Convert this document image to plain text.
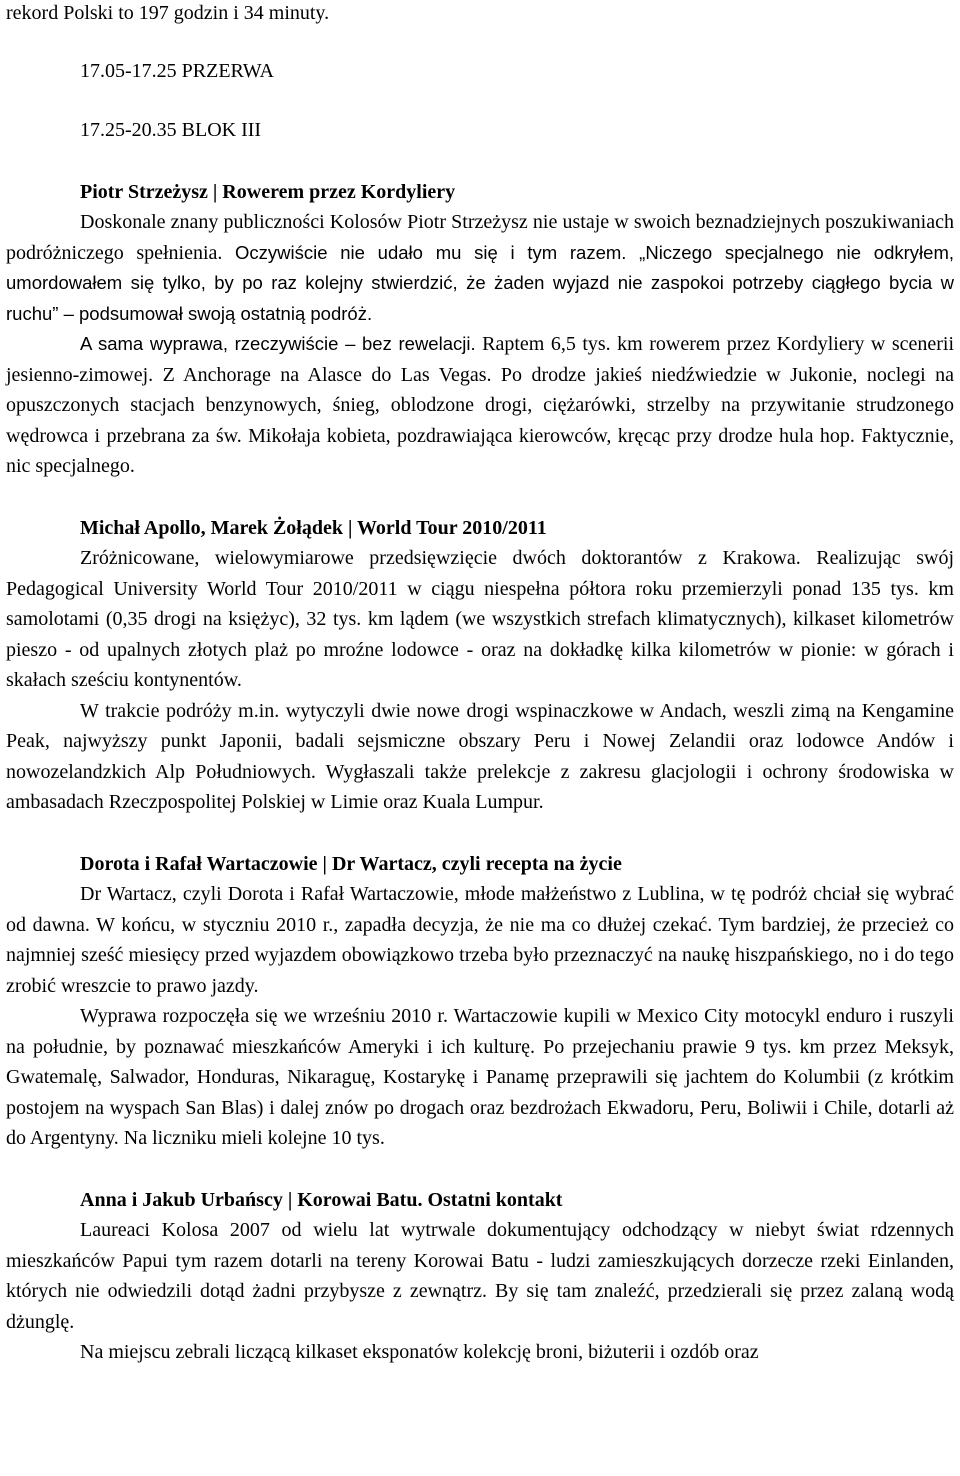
rekord Polski to 197 godzin i 34 minuty.

17.05-17.25 PRZERWA

17.25-20.35 BLOK III

Piotr Strzeżysz | Rowerem przez Kordyliery

Doskonale znany publiczności Kolosów Piotr Strzeżysz nie ustaje w swoich beznadziejnych poszukiwaniach podróżniczego spełnienia. Oczywiście nie udało mu się i tym razem. „Niczego specjalnego nie odkryłem, umordowałem się tylko, by po raz kolejny stwierdzić, że żaden wyjazd nie zaspokoi potrzeby ciągłego bycia w ruchu” – podsumował swoją ostatnią podróż.

A sama wyprawa, rzeczywiście – bez rewelacji. Raptem 6,5 tys. km rowerem przez Kordyliery w scenerii jesienno-zimowej. Z Anchorage na Alasce do Las Vegas. Po drodze jakieś niedźwiedzie w Jukonie, noclegi na opuszczonych stacjach benzynowych, śnieg, oblodzone drogi, ciężarówki, strzelby na przywitanie strudzonego wędrowca i przebrana za św. Mikołaja kobieta, pozdrawiająca kierowców, kręcąc przy drodze hula hop. Faktycznie, nic specjalnego.

Michał Apollo, Marek Żołądek | World Tour 2010/2011

Zróżnicowane, wielowymiarowe przedsięwzięcie dwóch doktorantów z Krakowa. Realizując swój Pedagogical University World Tour 2010/2011 w ciągu niespełna półtora roku przemierzyli ponad 135 tys. km samolotami (0,35 drogi na księżyc), 32 tys. km lądem (we wszystkich strefach klimatycznych), kilkaset kilometrów pieszo - od upalnych złotych plaż po mroźne lodowce - oraz na dokładkę kilka kilometrów w pionie: w górach i skałach sześciu kontynentów.

W trakcie podróży m.in. wytyczyli dwie nowe drogi wspinaczkowe w Andach, weszli zimą na Kengamine Peak, najwyższy punkt Japonii, badali sejsmiczne obszary Peru i Nowej Zelandii oraz lodowce Andów i nowozelandzkich Alp Południowych. Wygłaszali także prelekcje z zakresu glacjologii i ochrony środowiska w ambasadach Rzeczpospolitej Polskiej w Limie oraz Kuala Lumpur.

Dorota i Rafał Wartaczowie | Dr Wartacz, czyli recepta na życie

Dr Wartacz, czyli Dorota i Rafał Wartaczowie, młode małżeństwo z Lublina, w tę podróż chciał się wybrać od dawna. W końcu, w styczniu 2010 r., zapadła decyzja, że nie ma co dłużej czekać. Tym bardziej, że przecież co najmniej sześć miesięcy przed wyjazdem obowiązkowo trzeba było przeznaczyć na naukę hiszpańskiego, no i do tego zrobić wreszcie to prawo jazdy.

Wyprawa rozpoczęła się we wrześniu 2010 r. Wartaczowie kupili w Mexico City motocykl enduro i ruszyli na południe, by poznawać mieszkańców Ameryki i ich kulturę. Po przejechaniu prawie 9 tys. km przez Meksyk, Gwatemalę, Salwador, Honduras, Nikaraguę, Kostarykę i Panamę przeprawili się jachtem do Kolumbii (z krótkim postojem na wyspach San Blas) i dalej znów po drogach oraz bezdrożach Ekwadoru, Peru, Boliwii i Chile, dotarli aż do Argentyny. Na liczniku mieli kolejne 10 tys.

Anna i Jakub Urbańscy | Korowai Batu. Ostatni kontakt

Laureaci Kolosa 2007 od wielu lat wytrwale dokumentujący odchodzący w niebyt świat rdzennych mieszkańców Papui tym razem dotarli na tereny Korowai Batu - ludzi zamieszkujących dorzecze rzeki Einlanden, których nie odwiedzili dotąd żadni przybysze z zewnątrz. By się tam znaleźć, przedzierali się przez zalaną wodą dżunglę.

Na miejscu zebrali liczącą kilkaset eksponatów kolekcję broni, biżuterii i ozdób oraz
